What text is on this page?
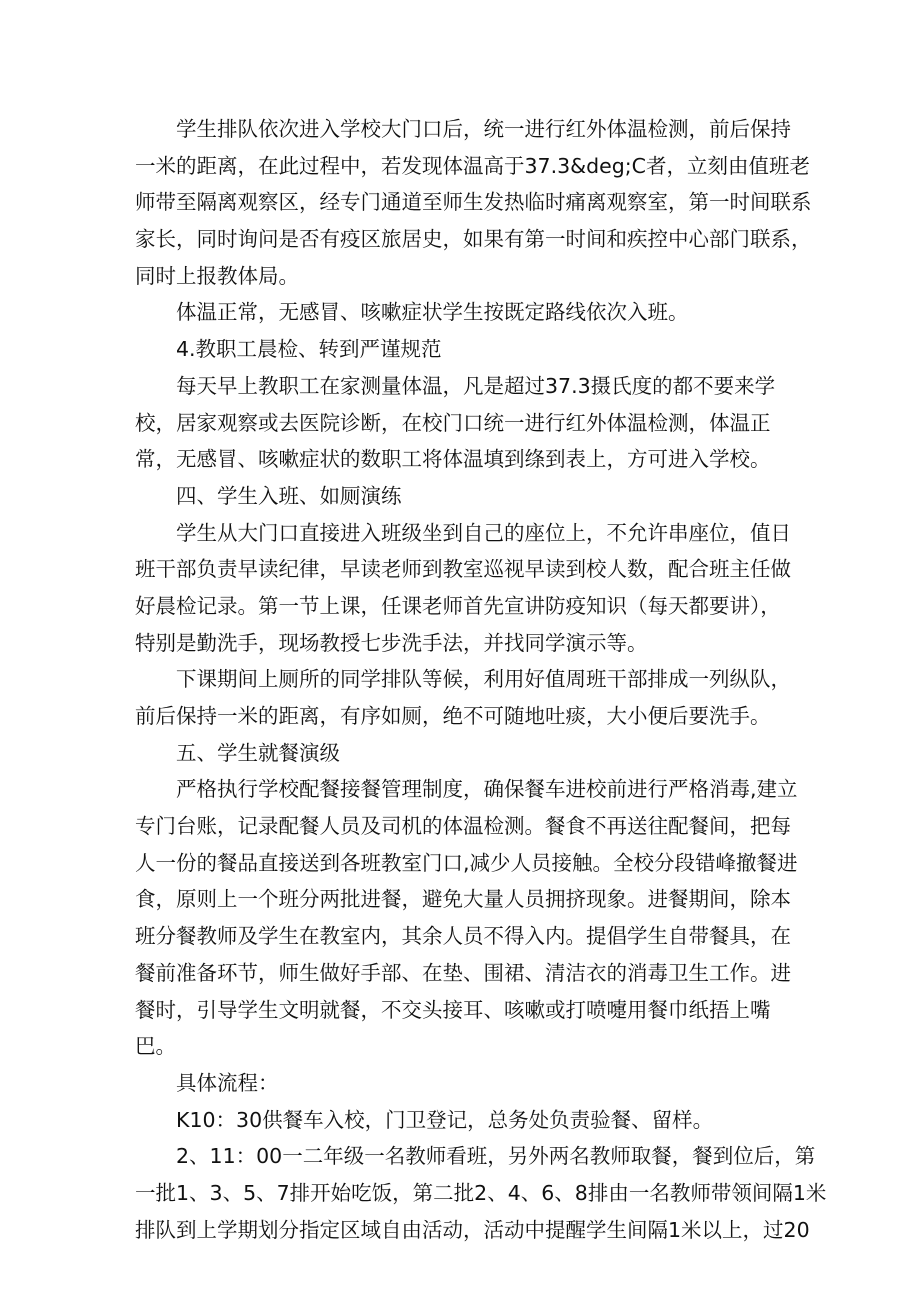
学生排队依次进入学校大门口后，统一进行红外体温检测，前后保持
一米的距离，在此过程中，若发现体温高于37.3&deg;C者，立刻由值班老
师带至隔离观察区，经专门通道至师生发热临时痛离观察室，第一时间联系
家长，同时询问是否有疫区旅居史，如果有第一时间和疾控中心部门联系，
同时上报教体局。
体温正常，无感冒、咳嗽症状学生按既定路线依次入班。
4.教职工晨检、转到严谨规范
每天早上教职工在家测量体温，凡是超过37.3摄氏度的都不要来学
校，居家观察或去医院诊断，在校门口统一进行红外体温检测，体温正
常，无感冒、咳嗽症状的数职工将体温填到绦到表上，方可进入学校。
四、学生入班、如厕演练
学生从大门口直接进入班级坐到自己的座位上，不允许串座位，值日
班干部负责早读纪律，早读老师到教室巡视早读到校人数，配合班主任做
好晨检记录。第一节上课，任课老师首先宣讲防疫知识（每天都要讲），
特别是勤洗手，现场教授七步洗手法，并找同学演示等。
下课期间上厕所的同学排队等候，利用好值周班干部排成一列纵队，
前后保持一米的距离，有序如厕，绝不可随地吐痰，大小便后要洗手。
五、学生就餐演级
严格执行学校配餐接餐管理制度，确保餐车进校前进行严格消毒,建立
专门台账，记录配餐人员及司机的体温检测。餐食不再送往配餐间，把每
人一份的餐品直接送到各班教室门口,减少人员接触。全校分段错峰撤餐进
食，原则上一个班分两批进餐，避免大量人员拥挤现象。进餐期间，除本
班分餐教师及学生在教室内，其余人员不得入内。提倡学生自带餐具，在
餐前准备环节，师生做好手部、在垫、围裙、清洁衣的消毒卫生工作。进
餐时，引导学生文明就餐，不交头接耳、咳嗽或打喷嚏用餐巾纸捂上嘴
巴。
具体流程：
K10：30供餐车入校，门卫登记，总务处负责验餐、留样。
2、11：00一二年级一名教师看班，另外两名教师取餐，餐到位后，第
一批1、3、5、7排开始吃饭，第二批2、4、6、8排由一名教师带领间隔1米
排队到上学期划分指定区域自由活动，活动中提醒学生间隔1米以上，过20
